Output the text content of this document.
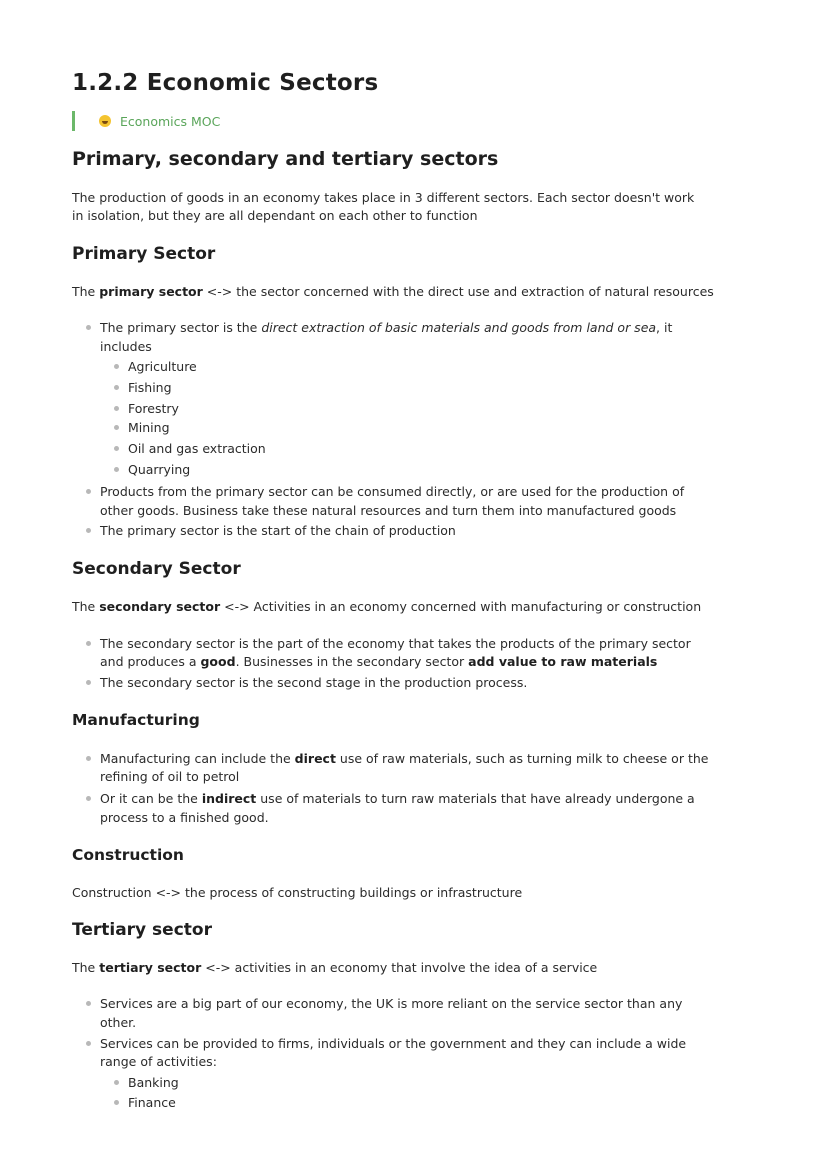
1.2.2 Economic Sectors
Economics MOC
Primary, secondary and tertiary sectors

The production of goods in an economy takes place in 3 different sectors. Each sector doesn't work

in isolation, but they are all dependant on each other to function

Primary Sector

The primary sector <-> the sector concerned with the direct use and extraction of natural resources

The primary sector is the direct extraction of basic materials and goods from land or sea, it
includes
Agriculture
Fishing
Forestry
Mining
Oil and gas extraction
Quarrying
Products from the primary sector can be consumed directly, or are used for the production of
other goods. Business take these natural resources and turn them into manufactured goods
The primary sector is the start of the chain of production
Secondary Sector

The secondary sector <-> Activities in an economy concerned with manufacturing or construction

The secondary sector is the part of the economy that takes the products of the primary sector
and produces a good. Businesses in the secondary sector add value to raw materials
The secondary sector is the second stage in the production process.
Manufacturing
Manufacturing can include the direct use of raw materials, such as turning milk to cheese or the
refining of oil to petrol
Or it can be the indirect use of materials to turn raw materials that have already undergone a
process to a finished good.
Construction

Construction <-> the process of constructing buildings or infrastructure

Tertiary sector

The tertiary sector <-> activities in an economy that involve the idea of a service

Services are a big part of our economy, the UK is more reliant on the service sector than any
other.
Services can be provided to firms, individuals or the government and they can include a wide
range of activities:
Banking
Finance
